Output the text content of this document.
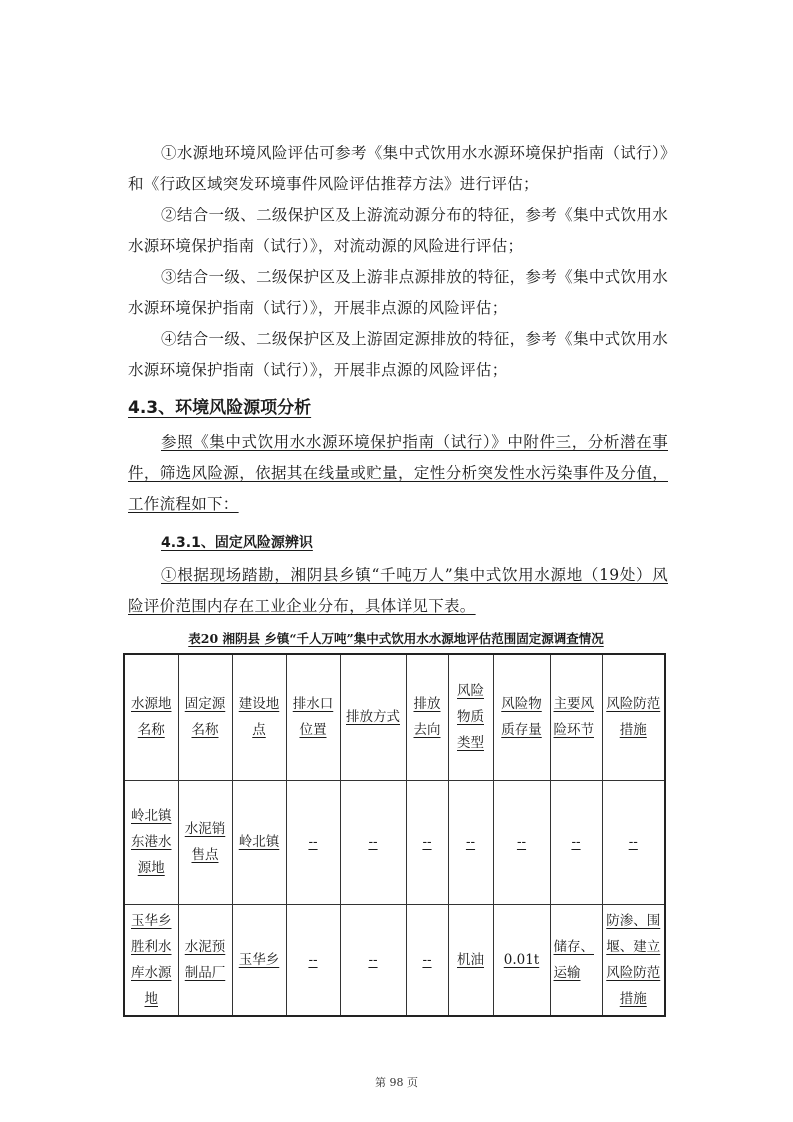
①水源地环境风险评估可参考《集中式饮用水水源环境保护指南（试行）》和《行政区域突发环境事件风险评估推荐方法》进行评估；
②结合一级、二级保护区及上游流动源分布的特征，参考《集中式饮用水水源环境保护指南（试行）》，对流动源的风险进行评估；
③结合一级、二级保护区及上游非点源排放的特征，参考《集中式饮用水水源环境保护指南（试行）》，开展非点源的风险评估；
④结合一级、二级保护区及上游固定源排放的特征，参考《集中式饮用水水源环境保护指南（试行）》，开展非点源的风险评估；
4.3、环境风险源项分析
参照《集中式饮用水水源环境保护指南（试行）》中附件三，分析潜在事件，筛选风险源，依据其在线量或贮量，定性分析突发性水污染事件及分值，工作流程如下：
4.3.1、固定风险源辨识
①根据现场踏勘，湘阴县乡镇“千吨万人”集中式饮用水源地（19处）风险评价范围内存在工业企业分布，具体详见下表。
表20 湘阴县 乡镇“千人万吨”集中式饮用水水源地评估范围固定源调查情况
水源地名称	固定源名称	建设地点	排水口位置	排放方式	排放去向	风险物质类型	风险物质存量	主要风险环节	风险防范措施
岭北镇东港水源地	水泥销售点	岭北镇	--	--	--	--	--	--	--
玉华乡胜利水库水源地	水泥预制品厂	玉华乡	--	--	--	机油	0.01t	储存、运输	防渗、围堰、建立风险防范措施
第 98 页
